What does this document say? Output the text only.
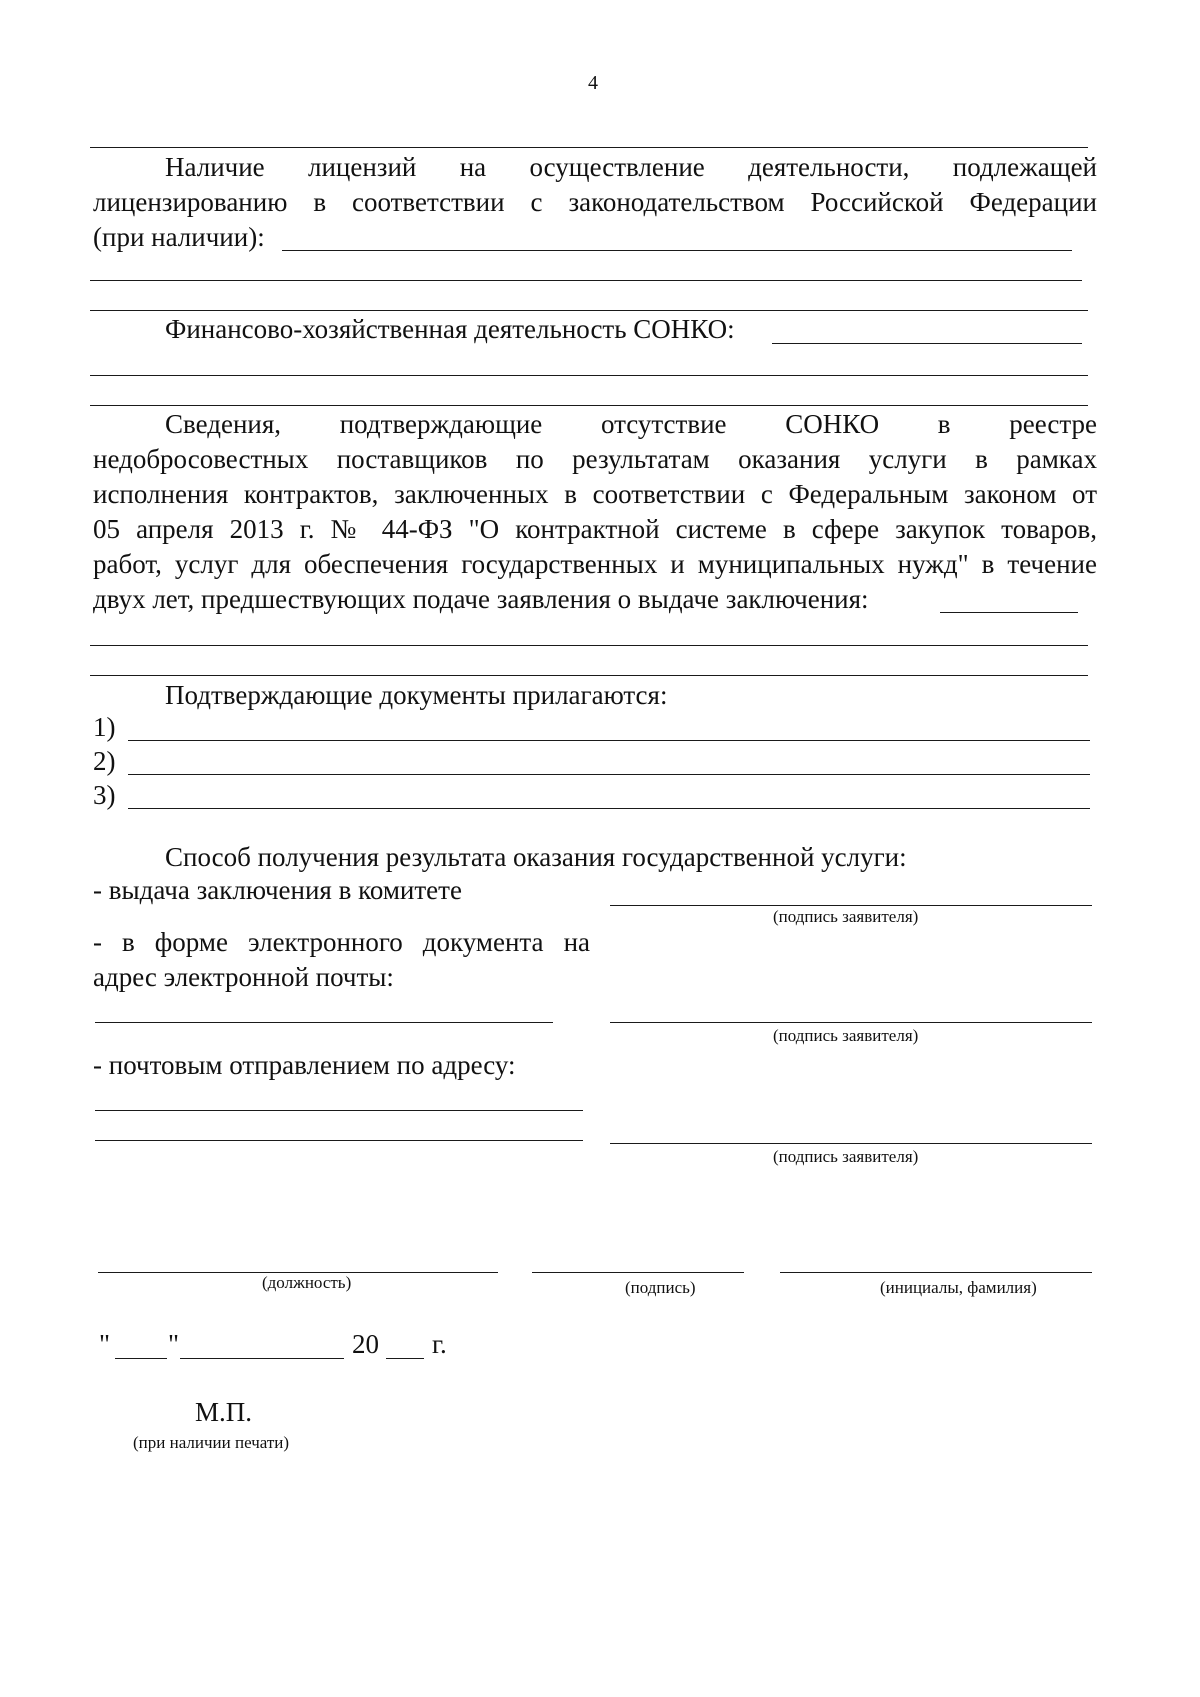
4
Наличие лицензий на осуществление деятельности, подлежащей
лицензированию в соответствии с законодательством Российской Федерации
(при наличии):
Финансово-хозяйственная деятельность СОНКО:
Сведения, подтверждающие отсутствие СОНКО в реестре
недобросовестных поставщиков по результатам оказания услуги в рамках
исполнения контрактов, заключенных в соответствии с Федеральным законом от
05 апреля 2013 г. № 44-ФЗ "О контрактной системе в сфере закупок товаров,
работ, услуг для обеспечения государственных и муниципальных нужд" в течение
двух лет, предшествующих подаче заявления о выдаче заключения:
Подтверждающие документы прилагаются:
1)
2)
3)
Способ получения результата оказания государственной услуги:
- выдача заключения в комитете
(подпись заявителя)
- в форме электронного документа на
адрес электронной почты:
(подпись заявителя)
- почтовым отправлением по адресу:
(подпись заявителя)
(должность)	(подпись)	(инициалы, фамилия)
" "	20 г.
М.П.
(при наличии печати)
